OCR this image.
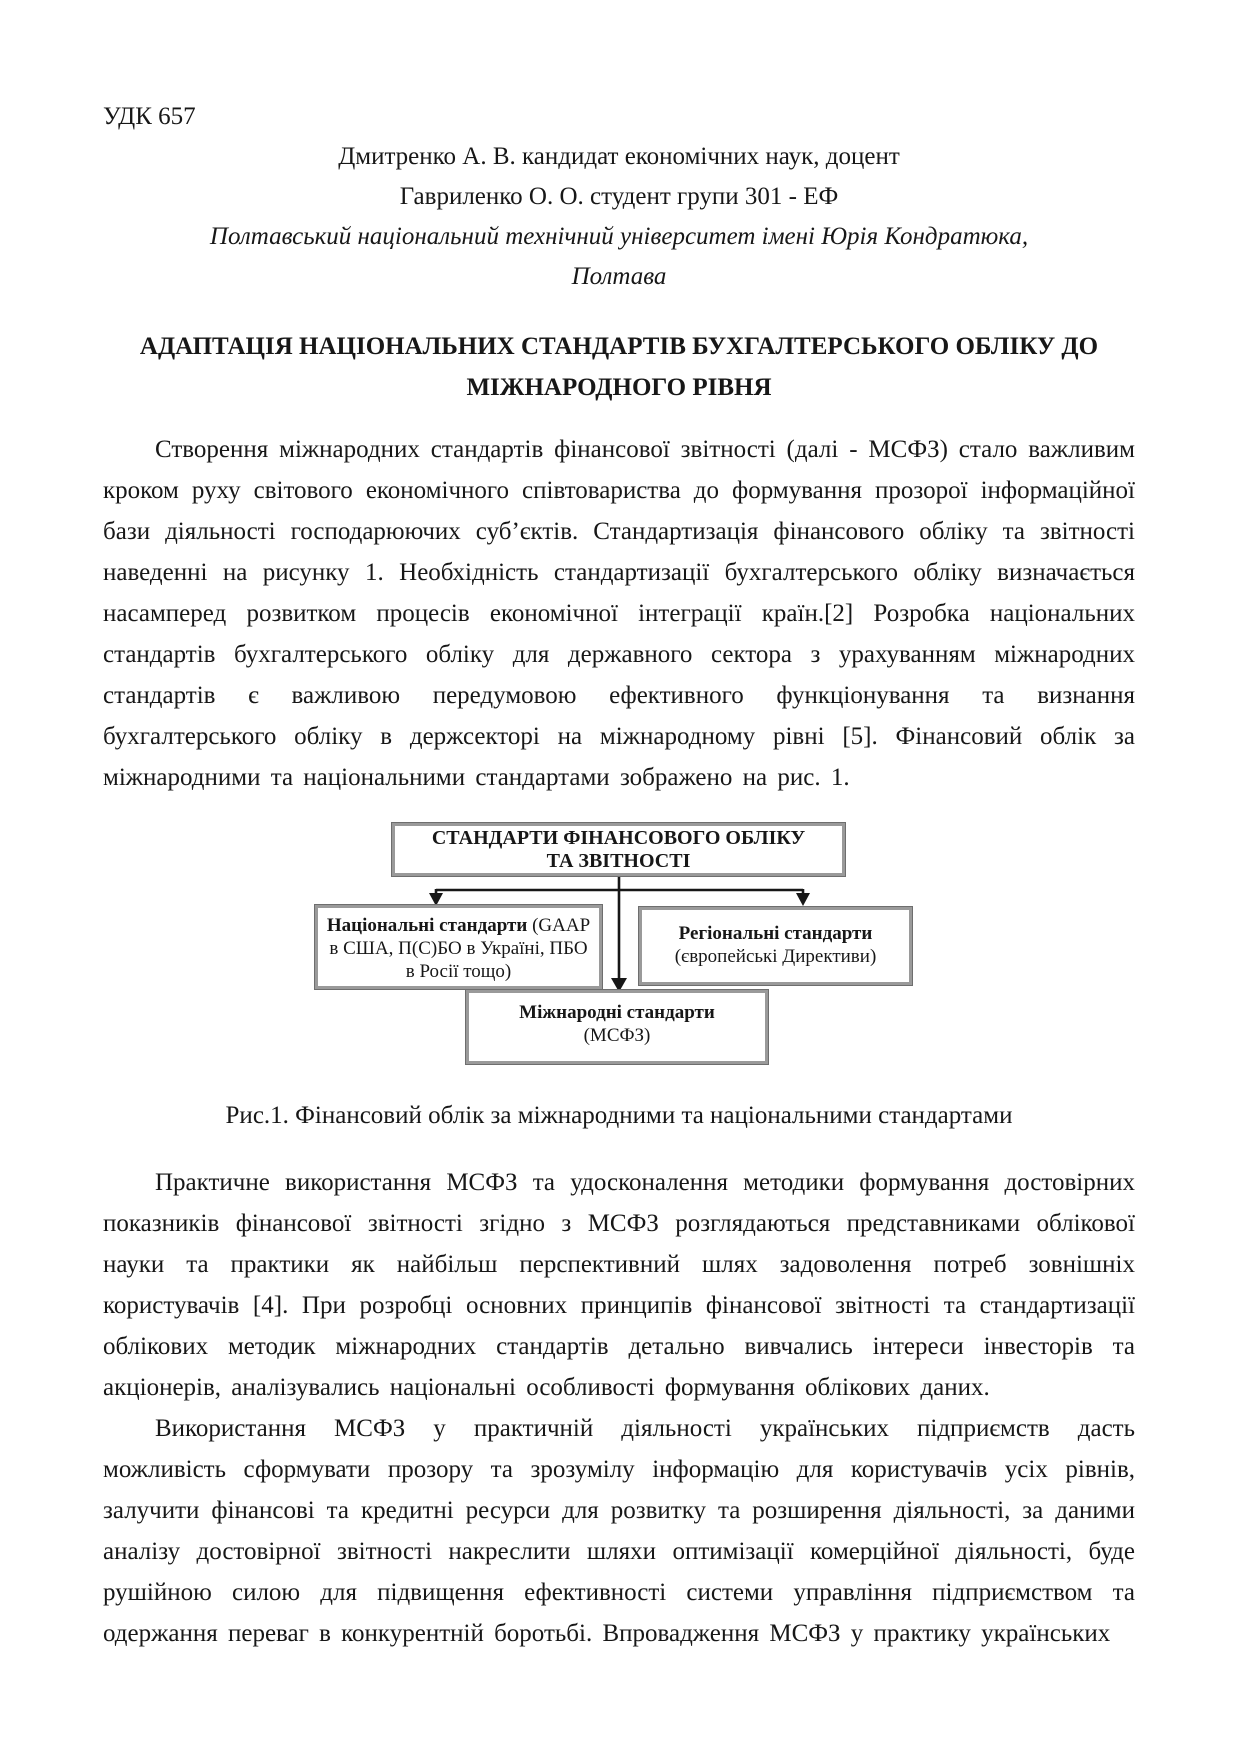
УДК 657
Дмитренко А. В. кандидат економічних наук, доцент
Гавриленко О. О. студент групи 301 - ЕФ
Полтавський національний технічний університет імені Юрія Кондратюка,
Полтава
АДАПТАЦІЯ НАЦІОНАЛЬНИХ СТАНДАРТІВ БУХГАЛТЕРСЬКОГО ОБЛІКУ ДО МІЖНАРОДНОГО РІВНЯ

Створення міжнародних стандартів фінансової звітності (далі - МСФЗ) стало важливим кроком руху світового економічного співтовариства до формування прозорої інформаційної бази діяльності господарюючих суб’єктів. Стандартизація фінансового обліку та звітності наведенні на рисунку 1. Необхідність стандартизації бухгалтерського обліку визначається насамперед розвитком процесів економічної інтеграції країн.[2] Розробка національних стандартів бухгалтерського обліку для державного сектора з урахуванням міжнародних стандартів є важливою передумовою ефективного функціонування та визнання бухгалтерського обліку в держсекторі на міжнародному рівні [5]. Фінансовий облік за міжнародними та національними стандартами зображено на рис. 1.

СТАНДАРТИ ФІНАНСОВОГО ОБЛІКУ ТА ЗВІТНОСТІ
Національні стандарти (GAAP в США, П(С)БО в Україні, ПБО в Росії тощо)
Регіональні стандарти
(європейські Директиви)
Міжнародні стандарти
(МСФЗ)

Рис.1. Фінансовий облік за міжнародними та національними стандартами

Практичне використання МСФЗ та удосконалення методики формування достовірних показників фінансової звітності згідно з МСФЗ розглядаються представниками облікової науки та практики як найбільш перспективний шлях задоволення потреб зовнішніх користувачів [4]. При розробці основних принципів фінансової звітності та стандартизації облікових методик міжнародних стандартів детально вивчались інтереси інвесторів та акціонерів, аналізувались національні особливості формування облікових даних.

Використання МСФЗ у практичній діяльності українських підприємств дасть можливість сформувати прозору та зрозумілу інформацію для користувачів усіх рівнів, залучити фінансові та кредитні ресурси для розвитку та розширення діяльності, за даними аналізу достовірної звітності накреслити шляхи оптимізації комерційної діяльності, буде рушійною силою для підвищення ефективності системи управління підприємством та одержання переваг в конкурентній боротьбі. Впровадження МСФЗ у практику українських
